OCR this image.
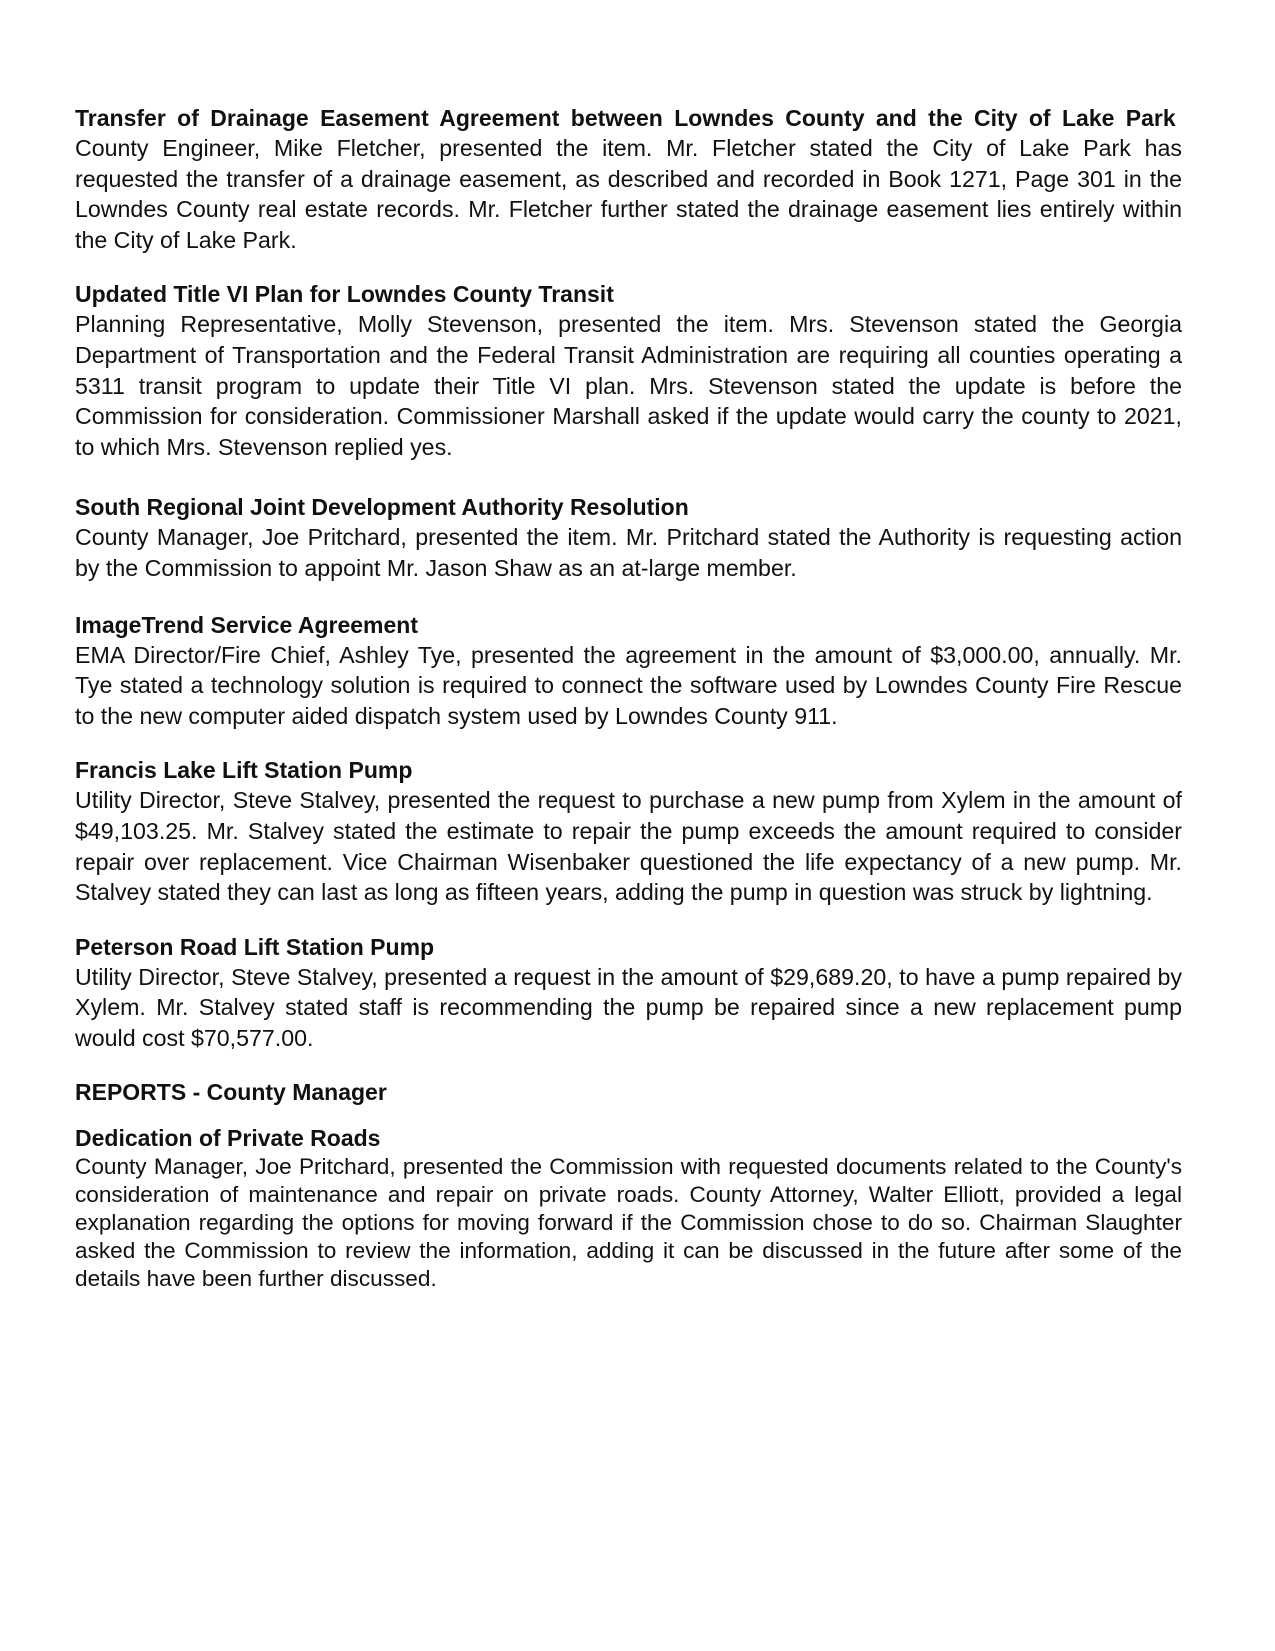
Transfer of Drainage Easement Agreement between Lowndes County and the City of Lake Park

County Engineer, Mike Fletcher, presented the item. Mr. Fletcher stated the City of Lake Park has requested the transfer of a drainage easement, as described and recorded in Book 1271, Page 301 in the Lowndes County real estate records. Mr. Fletcher further stated the drainage easement lies entirely within the City of Lake Park.

Updated Title VI Plan for Lowndes County Transit

Planning Representative, Molly Stevenson, presented the item. Mrs. Stevenson stated the Georgia Department of Transportation and the Federal Transit Administration are requiring all counties operating a 5311 transit program to update their Title VI plan. Mrs. Stevenson stated the update is before the Commission for consideration. Commissioner Marshall asked if the update would carry the county to 2021, to which Mrs. Stevenson replied yes.

South Regional Joint Development Authority Resolution

County Manager, Joe Pritchard, presented the item. Mr. Pritchard stated the Authority is requesting action by the Commission to appoint Mr. Jason Shaw as an at-large member.

ImageTrend Service Agreement

EMA Director/Fire Chief, Ashley Tye, presented the agreement in the amount of $3,000.00, annually. Mr. Tye stated a technology solution is required to connect the software used by Lowndes County Fire Rescue to the new computer aided dispatch system used by Lowndes County 911.

Francis Lake Lift Station Pump

Utility Director, Steve Stalvey, presented the request to purchase a new pump from Xylem in the amount of $49,103.25. Mr. Stalvey stated the estimate to repair the pump exceeds the amount required to consider repair over replacement. Vice Chairman Wisenbaker questioned the life expectancy of a new pump. Mr. Stalvey stated they can last as long as fifteen years, adding the pump in question was struck by lightning.

Peterson Road Lift Station Pump

Utility Director, Steve Stalvey, presented a request in the amount of $29,689.20, to have a pump repaired by Xylem. Mr. Stalvey stated staff is recommending the pump be repaired since a new replacement pump would cost $70,577.00.

REPORTS - County Manager

Dedication of Private Roads

County Manager, Joe Pritchard, presented the Commission with requested documents related to the County's consideration of maintenance and repair on private roads. County Attorney, Walter Elliott, provided a legal explanation regarding the options for moving forward if the Commission chose to do so. Chairman Slaughter asked the Commission to review the information, adding it can be discussed in the future after some of the details have been further discussed.
